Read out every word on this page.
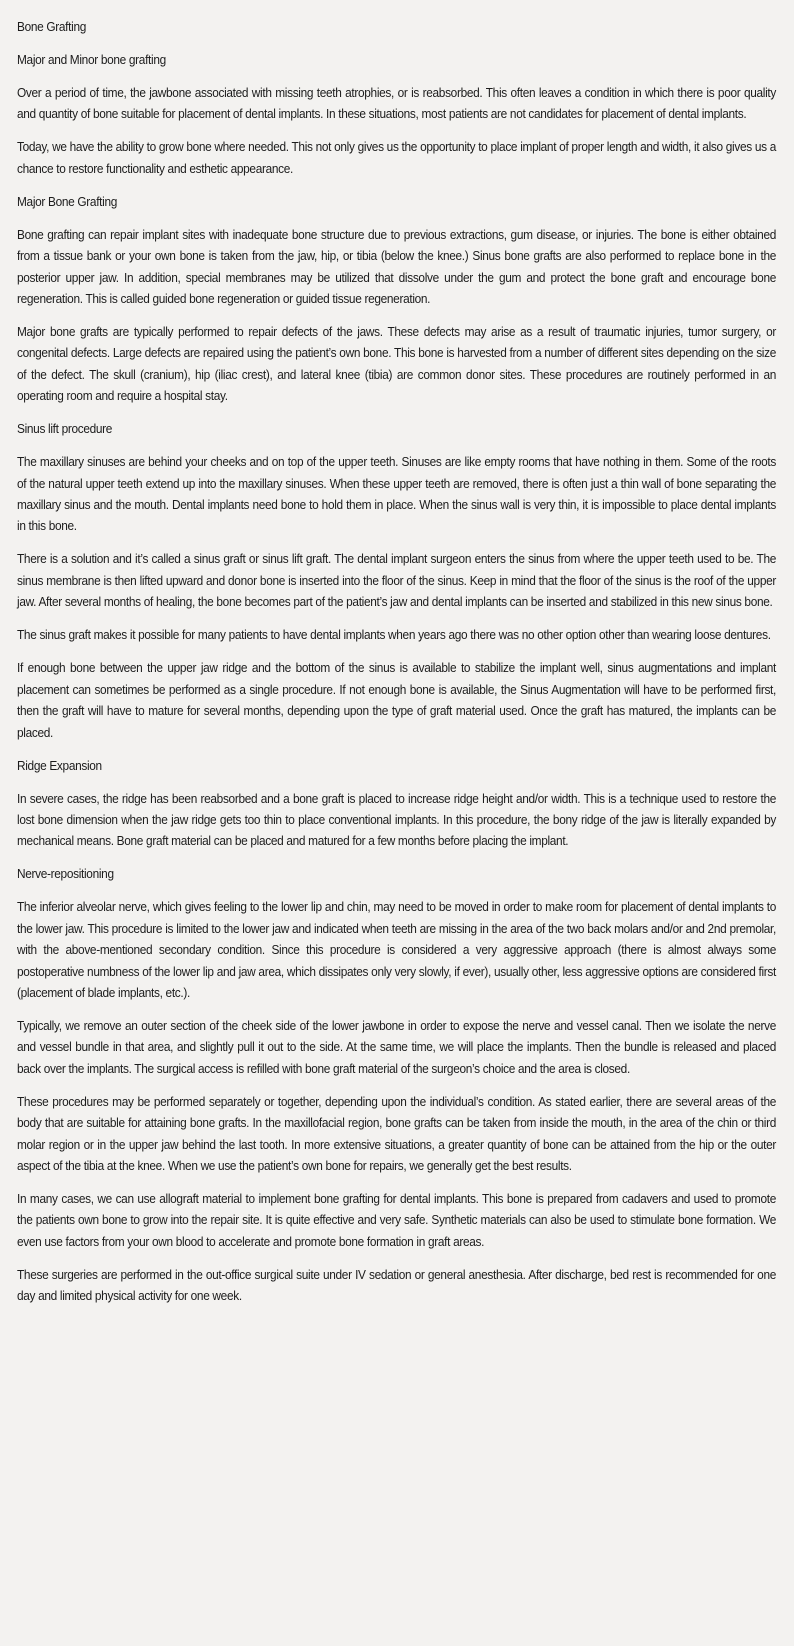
Bone Grafting
Major and Minor bone grafting
Over a period of time, the jawbone associated with missing teeth atrophies, or is reabsorbed. This often leaves a condition in which there is poor quality and quantity of bone suitable for placement of dental implants. In these situations, most patients are not candidates for placement of dental implants.
Today, we have the ability to grow bone where needed. This not only gives us the opportunity to place implant of proper length and width, it also gives us a chance to restore functionality and esthetic appearance.
Major Bone Grafting
Bone grafting can repair implant sites with inadequate bone structure due to previous extractions, gum disease, or injuries. The bone is either obtained from a tissue bank or your own bone is taken from the jaw, hip, or tibia (below the knee.) Sinus bone grafts are also performed to replace bone in the posterior upper jaw. In addition, special membranes may be utilized that dissolve under the gum and protect the bone graft and encourage bone regeneration. This is called guided bone regeneration or guided tissue regeneration.
Major bone grafts are typically performed to repair defects of the jaws. These defects may arise as a result of traumatic injuries, tumor surgery, or congenital defects. Large defects are repaired using the patient’s own bone. This bone is harvested from a number of different sites depending on the size of the defect. The skull (cranium), hip (iliac crest), and lateral knee (tibia) are common donor sites. These procedures are routinely performed in an operating room and require a hospital stay.
Sinus lift procedure
The maxillary sinuses are behind your cheeks and on top of the upper teeth. Sinuses are like empty rooms that have nothing in them. Some of the roots of the natural upper teeth extend up into the maxillary sinuses. When these upper teeth are removed, there is often just a thin wall of bone separating the maxillary sinus and the mouth. Dental implants need bone to hold them in place. When the sinus wall is very thin, it is impossible to place dental implants in this bone.
There is a solution and it’s called a sinus graft or sinus lift graft. The dental implant surgeon enters the sinus from where the upper teeth used to be. The sinus membrane is then lifted upward and donor bone is inserted into the floor of the sinus. Keep in mind that the floor of the sinus is the roof of the upper jaw. After several months of healing, the bone becomes part of the patient’s jaw and dental implants can be inserted and stabilized in this new sinus bone.
The sinus graft makes it possible for many patients to have dental implants when years ago there was no other option other than wearing loose dentures.
If enough bone between the upper jaw ridge and the bottom of the sinus is available to stabilize the implant well, sinus augmentations and implant placement can sometimes be performed as a single procedure. If not enough bone is available, the Sinus Augmentation will have to be performed first, then the graft will have to mature for several months, depending upon the type of graft material used. Once the graft has matured, the implants can be placed.
Ridge Expansion
In severe cases, the ridge has been reabsorbed and a bone graft is placed to increase ridge height and/or width. This is a technique used to restore the lost bone dimension when the jaw ridge gets too thin to place conventional implants. In this procedure, the bony ridge of the jaw is literally expanded by mechanical means. Bone graft material can be placed and matured for a few months before placing the implant.
Nerve-repositioning
The inferior alveolar nerve, which gives feeling to the lower lip and chin, may need to be moved in order to make room for placement of dental implants to the lower jaw. This procedure is limited to the lower jaw and indicated when teeth are missing in the area of the two back molars and/or and 2nd premolar, with the above-mentioned secondary condition. Since this procedure is considered a very aggressive approach (there is almost always some postoperative numbness of the lower lip and jaw area, which dissipates only very slowly, if ever), usually other, less aggressive options are considered first (placement of blade implants, etc.).
Typically, we remove an outer section of the cheek side of the lower jawbone in order to expose the nerve and vessel canal. Then we isolate the nerve and vessel bundle in that area, and slightly pull it out to the side. At the same time, we will place the implants. Then the bundle is released and placed back over the implants. The surgical access is refilled with bone graft material of the surgeon’s choice and the area is closed.
These procedures may be performed separately or together, depending upon the individual’s condition. As stated earlier, there are several areas of the body that are suitable for attaining bone grafts. In the maxillofacial region, bone grafts can be taken from inside the mouth, in the area of the chin or third molar region or in the upper jaw behind the last tooth. In more extensive situations, a greater quantity of bone can be attained from the hip or the outer aspect of the tibia at the knee. When we use the patient’s own bone for repairs, we generally get the best results.
In many cases, we can use allograft material to implement bone grafting for dental implants. This bone is prepared from cadavers and used to promote the patients own bone to grow into the repair site. It is quite effective and very safe. Synthetic materials can also be used to stimulate bone formation. We even use factors from your own blood to accelerate and promote bone formation in graft areas.
These surgeries are performed in the out-office surgical suite under IV sedation or general anesthesia. After discharge, bed rest is recommended for one day and limited physical activity for one week.
